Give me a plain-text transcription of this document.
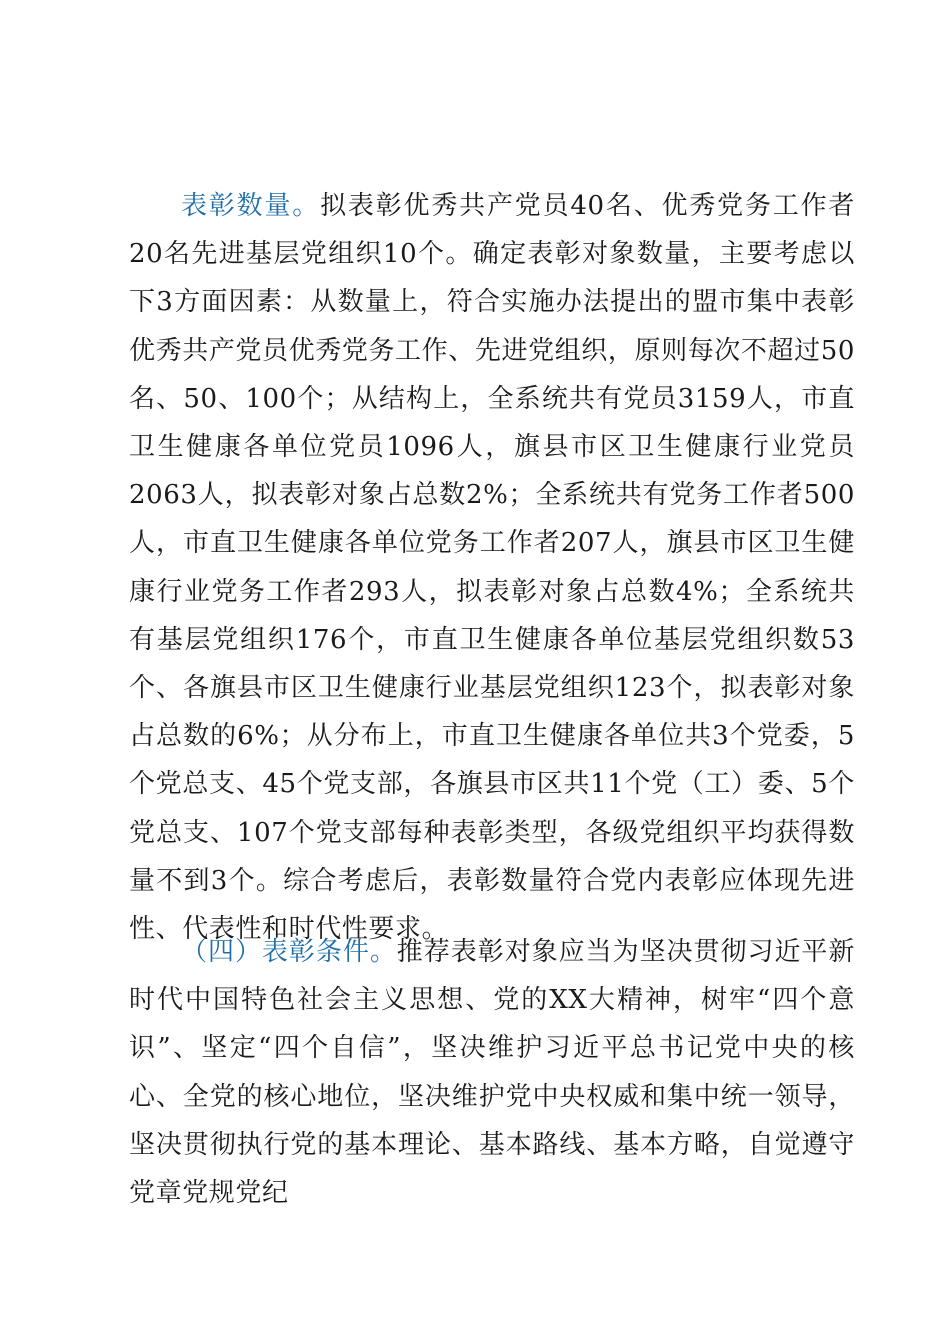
表彰数量。拟表彰优秀共产党员40名、优秀党务工作者20名先进基层党组织10个。确定表彰对象数量，主要考虑以下3方面因素：从数量上，符合实施办法提出的盟市集中表彰优秀共产党员优秀党务工作、先进党组织，原则每次不超过50名、50、100个；从结构上，全系统共有党员3159人，市直卫生健康各单位党员1096人，旗县市区卫生健康行业党员2063人，拟表彰对象占总数2%；全系统共有党务工作者500人，市直卫生健康各单位党务工作者207人，旗县市区卫生健康行业党务工作者293人，拟表彰对象占总数4%；全系统共有基层党组织176个，市直卫生健康各单位基层党组织数53个、各旗县市区卫生健康行业基层党组织123个，拟表彰对象占总数的6%；从分布上，市直卫生健康各单位共3个党委，5个党总支、45个党支部，各旗县市区共11个党（工）委、5个党总支、107个党支部每种表彰类型，各级党组织平均获得数量不到3个。综合考虑后，表彰数量符合党内表彰应体现先进性、代表性和时代性要求。

（四）表彰条件。推荐表彰对象应当为坚决贯彻习近平新时代中国特色社会主义思想、党的XX大精神，树牢“四个意识”、坚定“四个自信”，坚决维护习近平总书记党中央的核心、全党的核心地位，坚决维护党中央权威和集中统一领导，坚决贯彻执行党的基本理论、基本路线、基本方略，自觉遵守党章党规党纪
